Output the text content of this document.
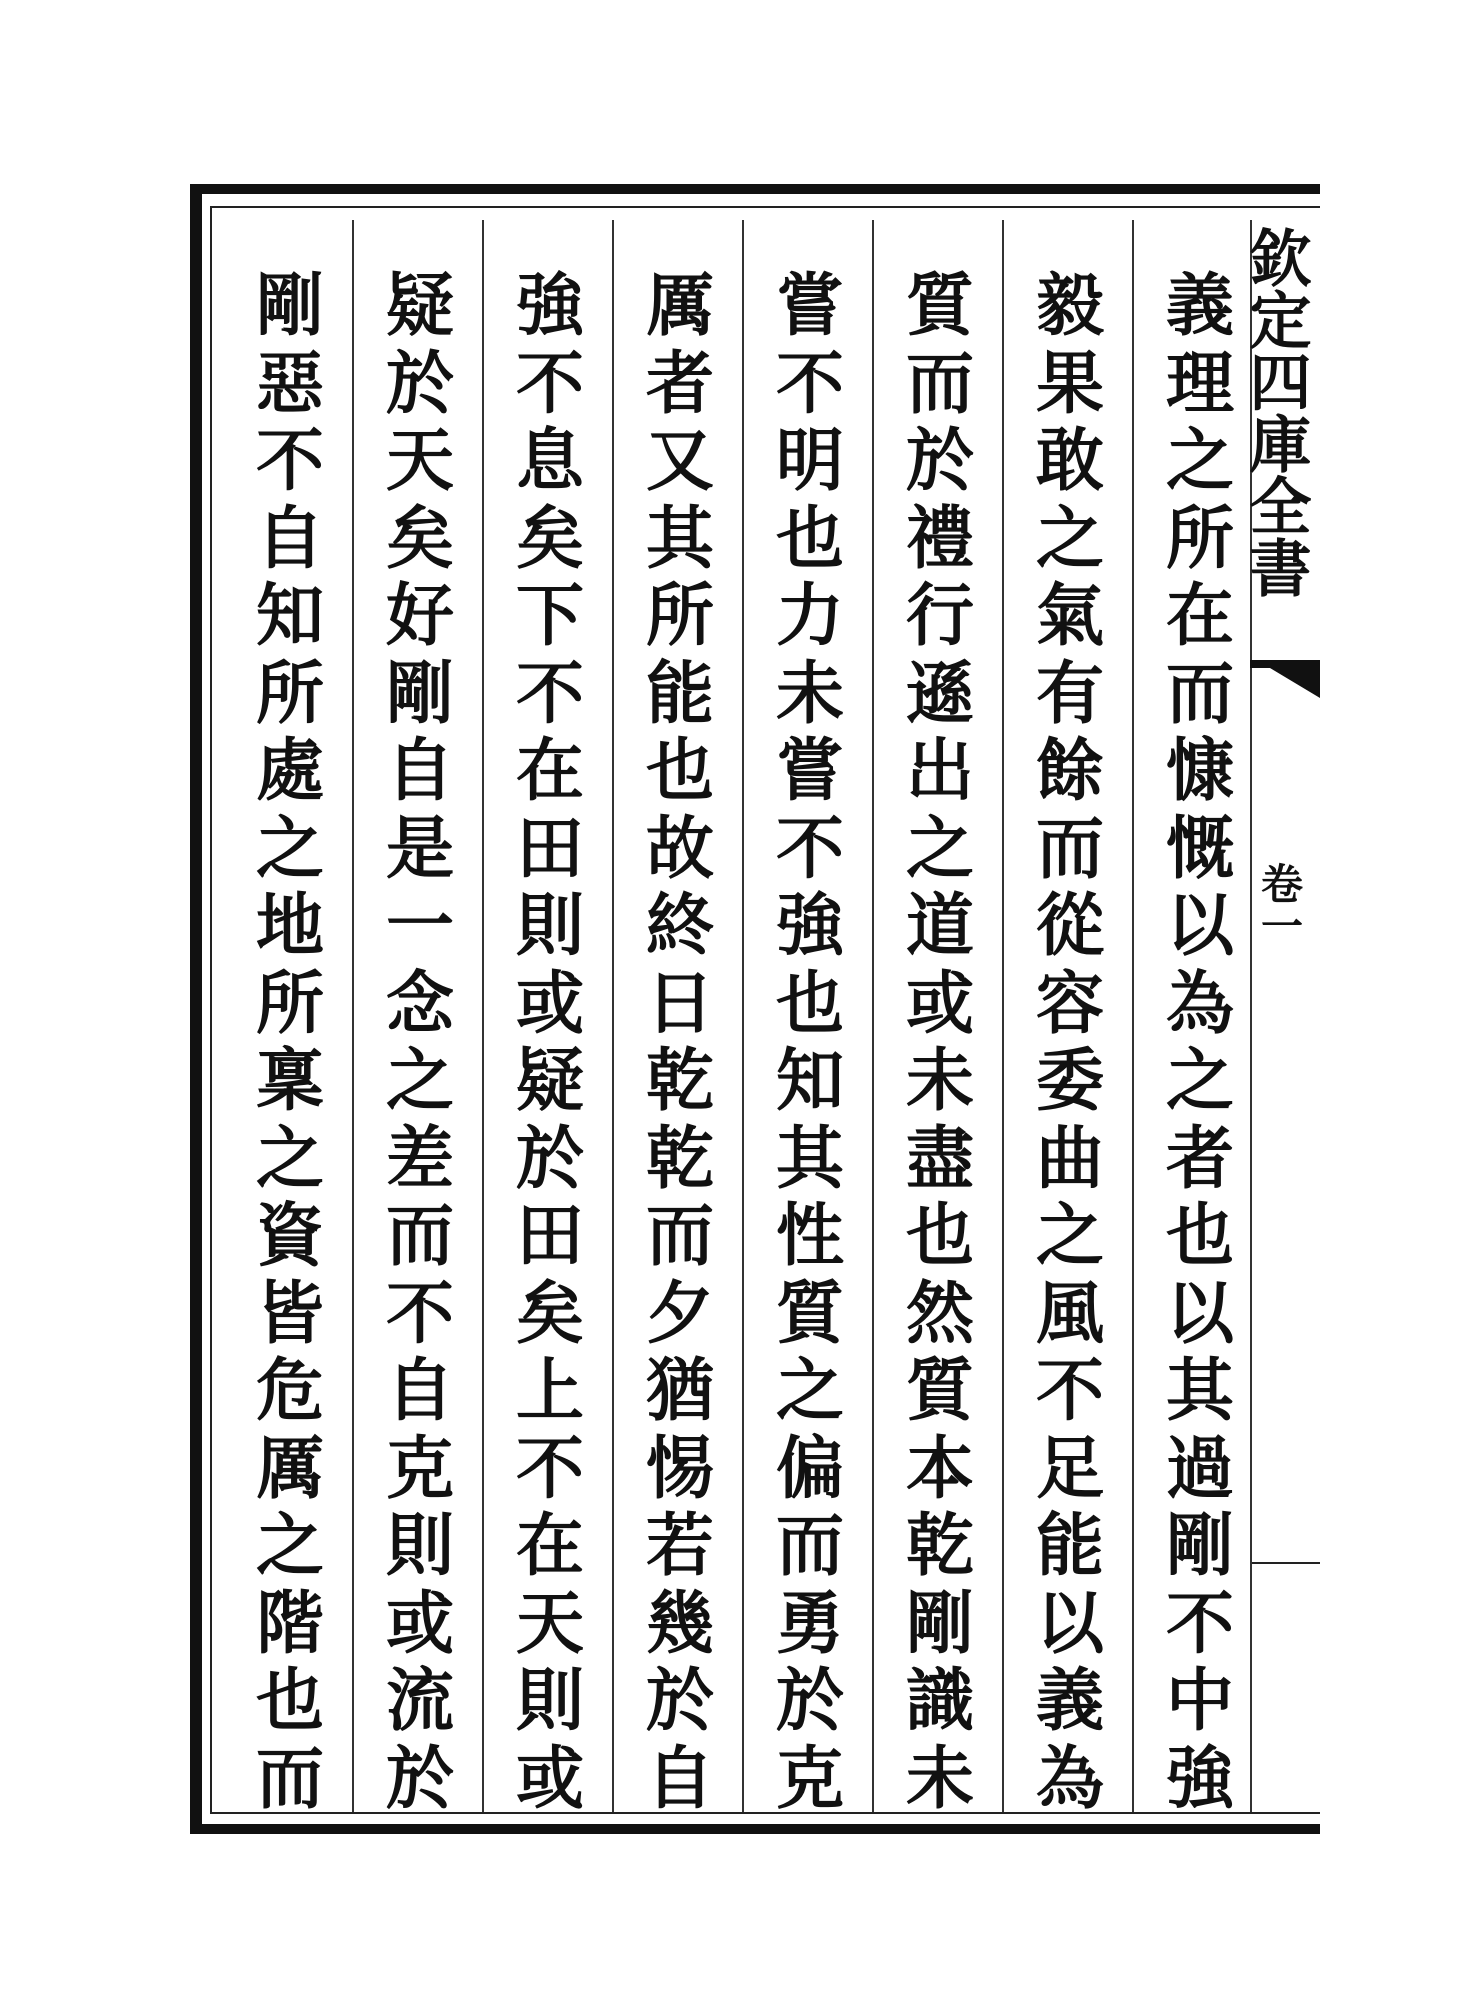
義
理
之
所
在
而
慷
慨
以
為
之
者
也
以
其
過
剛
不
中
強
毅
果
敢
之
氣
有
餘
而
從
容
委
曲
之
風
不
足
能
以
義
為
質
而
於
禮
行
遜
出
之
道
或
未
盡
也
然
質
本
乾
剛
識
未
嘗
不
明
也
力
未
嘗
不
強
也
知
其
性
質
之
偏
而
勇
於
克
厲
者
又
其
所
能
也
故
終
日
乾
乾
而
夕
猶
惕
若
幾
於
自
強
不
息
矣
下
不
在
田
則
或
疑
於
田
矣
上
不
在
天
則
或
疑
於
天
矣
好
剛
自
是
一
念
之
差
而
不
自
克
則
或
流
於
剛
惡
不
自
知
所
處
之
地
所
稟
之
資
皆
危
厲
之
階
也
而
欽定四庫全書
卷一
